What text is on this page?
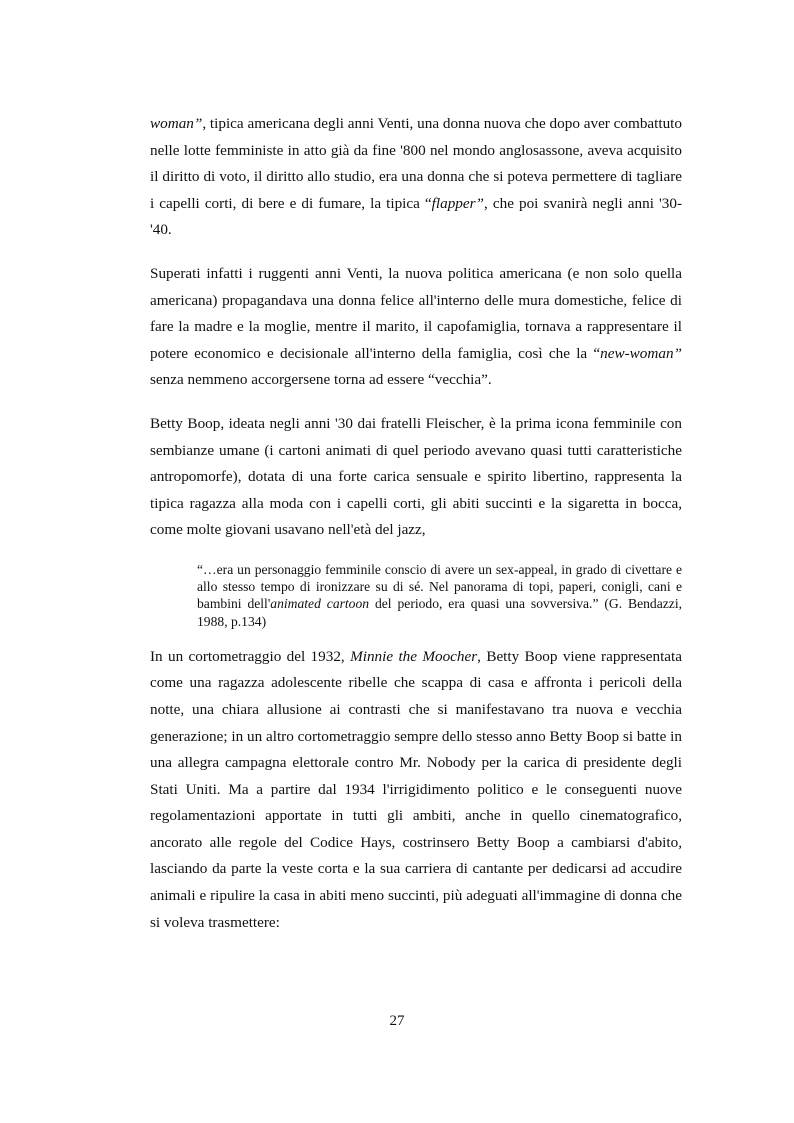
woman”, tipica americana degli anni Venti, una donna nuova che dopo aver combattuto nelle lotte femministe in atto già da fine '800 nel mondo anglosassone, aveva acquisito il diritto di voto, il diritto allo studio, era una donna che si poteva permettere di tagliare i capelli corti, di bere e di fumare, la tipica “flapper”, che poi svanirà negli anni '30-'40.

Superati infatti i ruggenti anni Venti, la nuova politica americana (e non solo quella americana) propagandava una donna felice all'interno delle mura domestiche, felice di fare la madre e la moglie, mentre il marito, il capofamiglia, tornava a rappresentare il potere economico e decisionale all'interno della famiglia, così che la “new-woman” senza nemmeno accorgersene torna ad essere “vecchia”.

Betty Boop, ideata negli anni '30 dai fratelli Fleischer, è la prima icona femminile con sembianze umane (i cartoni animati di quel periodo avevano quasi tutti caratteristiche antropomorfe), dotata di una forte carica sensuale e spirito libertino, rappresenta la tipica ragazza alla moda con i capelli corti, gli abiti succinti e la sigaretta in bocca, come molte giovani usavano nell'età del jazz,

“…era un personaggio femminile conscio di avere un sex-appeal, in grado di civettare e allo stesso tempo di ironizzare su di sé. Nel panorama di topi, paperi, conigli, cani e bambini dell'animated cartoon del periodo, era quasi una sovversiva.” (G. Bendazzi, 1988, p.134)

In un cortometraggio del 1932, Minnie the Moocher, Betty Boop viene rappresentata come una ragazza adolescente ribelle che scappa di casa e affronta i pericoli della notte, una chiara allusione ai contrasti che si manifestavano tra nuova e vecchia generazione; in un altro cortometraggio sempre dello stesso anno Betty Boop si batte in una allegra campagna elettorale contro Mr. Nobody per la carica di presidente degli Stati Uniti. Ma a partire dal 1934 l'irrigidimento politico e le conseguenti nuove regolamentazioni apportate in tutti gli ambiti, anche in quello cinematografico, ancorato alle regole del Codice Hays, costrinsero Betty Boop a cambiarsi d'abito, lasciando da parte la veste corta e la sua carriera di cantante per dedicarsi ad accudire animali e ripulire la casa in abiti meno succinti, più adeguati all'immagine di donna che si voleva trasmettere:

27
